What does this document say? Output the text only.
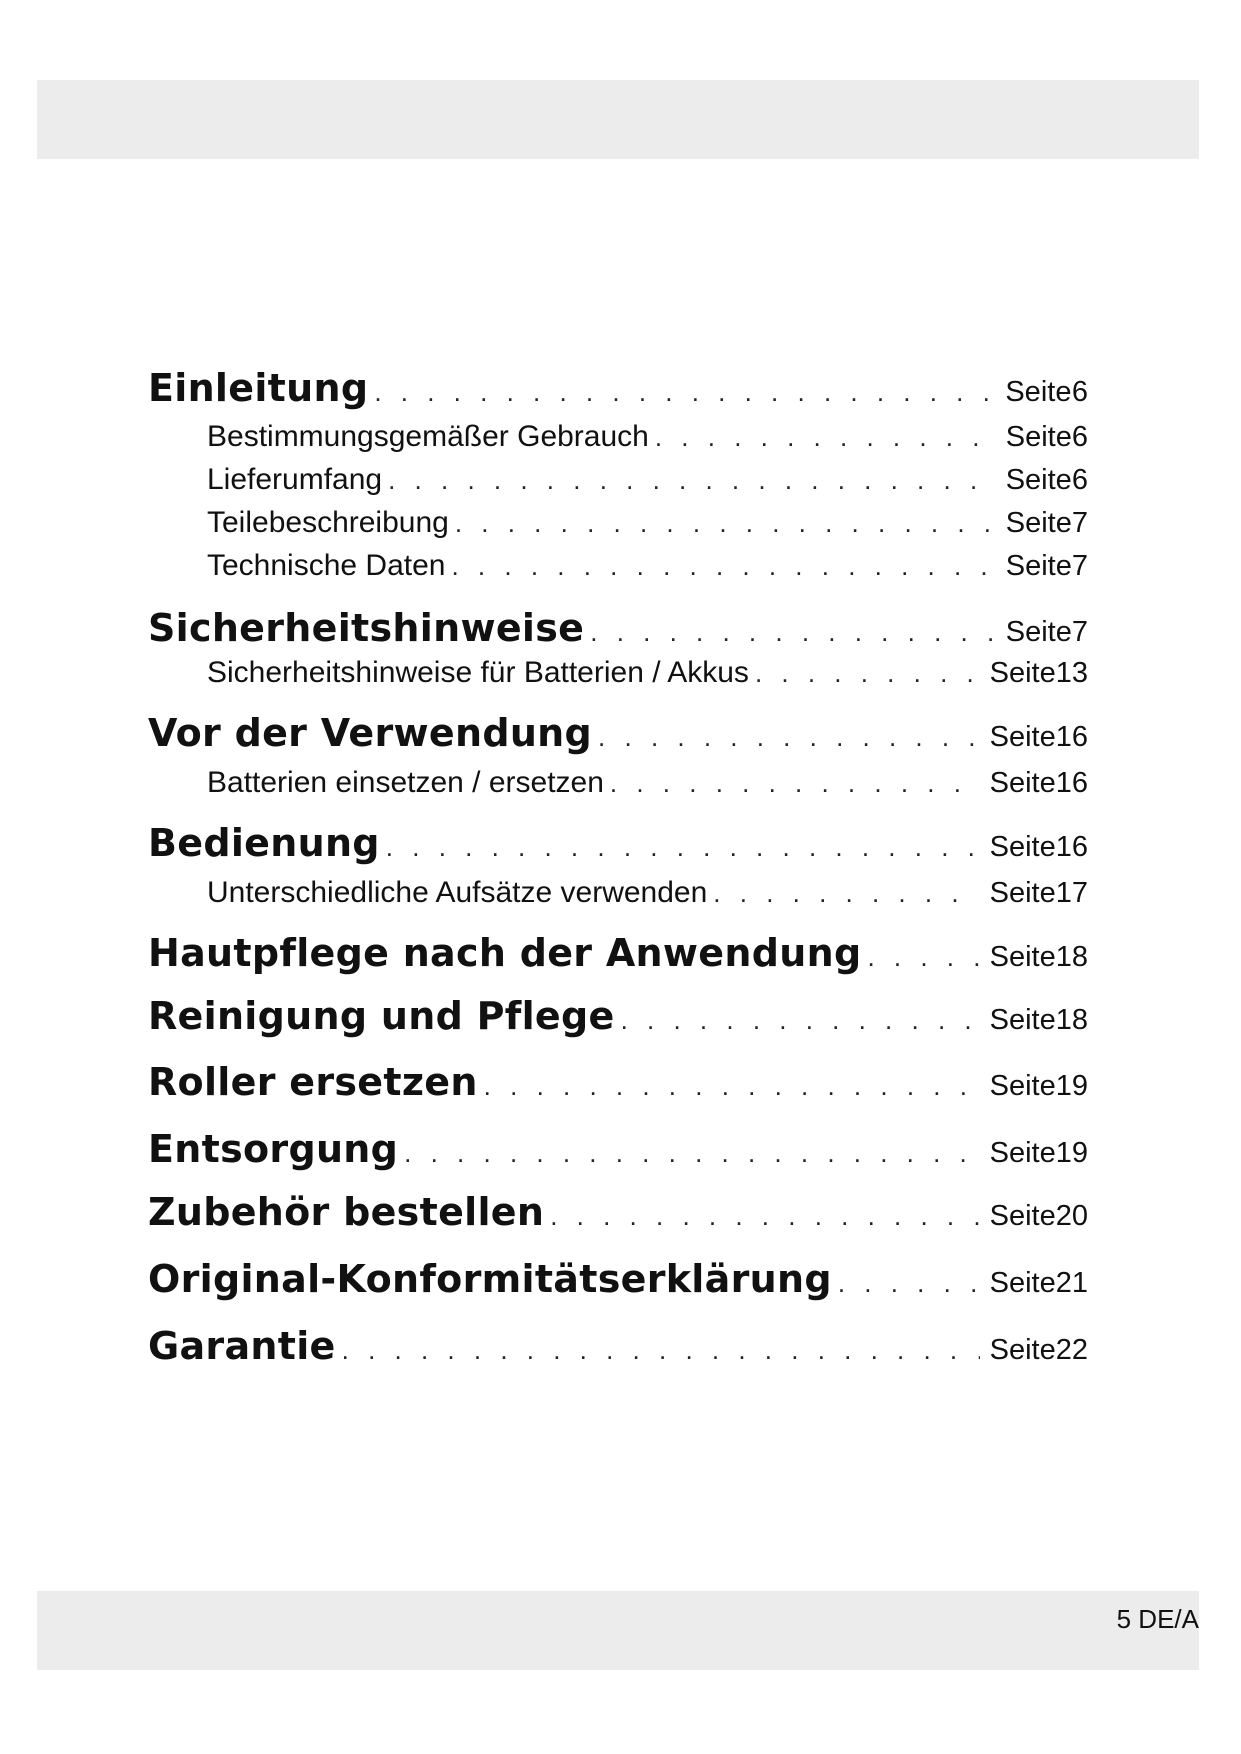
Einleitung . . .	Seite 6
Bestimmungsgemäßer Gebrauch . . .	Seite 6
Lieferumfang . . .	Seite 6
Teilebeschreibung . . .	Seite 7
Technische Daten . . .	Seite 7
Sicherheitshinweise . . .	Seite 7
Sicherheitshinweise für Batterien / Akkus . . .	Seite 13
Vor der Verwendung . . .	Seite 16
Batterien einsetzen / ersetzen . . .	Seite 16
Bedienung . . .	Seite 16
Unterschiedliche Aufsätze verwenden . . .	Seite 17
Hautpflege nach der Anwendung . . .	Seite 18
Reinigung und Pflege . . .	Seite 18
Roller ersetzen . . .	Seite 19
Entsorgung . . .	Seite 19
Zubehör bestellen . . .	Seite 20
Original-Konformitätserklärung . . .	Seite 21
Garantie . . .	Seite 22
5 DE/A
